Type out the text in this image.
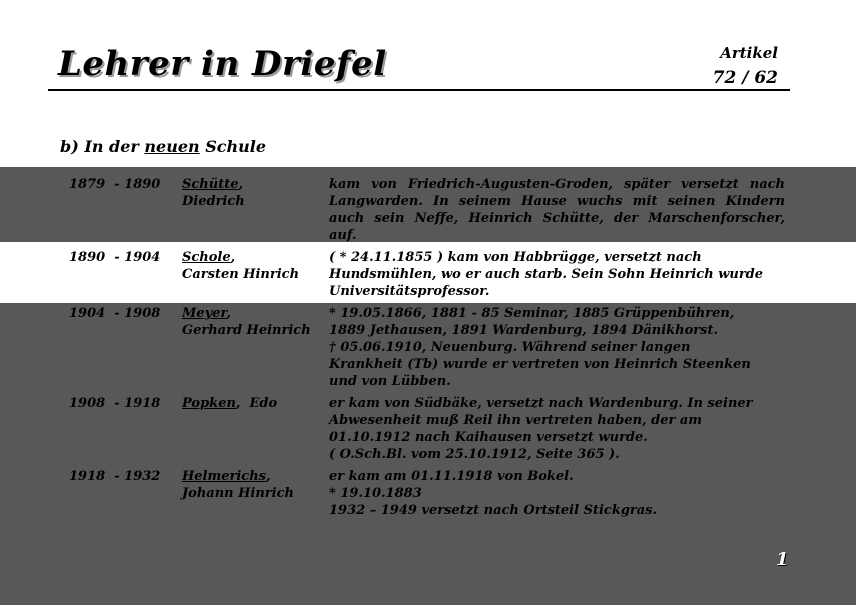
Lehrer in Driefel	Artikel
72 / 62
b) In der neuen Schule
1879  - 1890 Schütte,
Diedrich
kam von Friedrich-Augusten-Groden, später versetzt nach
Langwarden. In seinem Hause wuchs mit seinen Kindern
auch sein Neffe, Heinrich Schütte, der Marschenforscher,
auf.
1890  - 1904 Schole,
Carsten Hinrich
( * 24.11.1855 ) kam von Habbrügge, versetzt nach
Hundsmühlen, wo er auch starb. Sein Sohn Heinrich wurde
Universitätsprofessor.
1904  - 1908 Meyer,
Gerhard Heinrich
* 19.05.1866, 1881 - 85 Seminar, 1885 Grüppenbühren,
1889 Jethausen, 1891 Wardenburg, 1894 Dänikhorst.
† 05.06.1910, Neuenburg. Während seiner langen
Krankheit (Tb) wurde er vertreten von Heinrich Steenken
und von Lübben.
1908  - 1918 Popken,  Edo	er kam von Südbäke, versetzt nach Wardenburg. In seiner
Abwesenheit muß Reil ihn vertreten haben, der am
01.10.1912 nach Kaihausen versetzt wurde.
( O.Sch.Bl. vom 25.10.1912, Seite 365 ).
1918  - 1932 Helmerichs,
Johann Hinrich
er kam am 01.11.1918 von Bokel.
* 19.10.1883
1932 – 1949 versetzt nach Ortsteil Stickgras.
1
